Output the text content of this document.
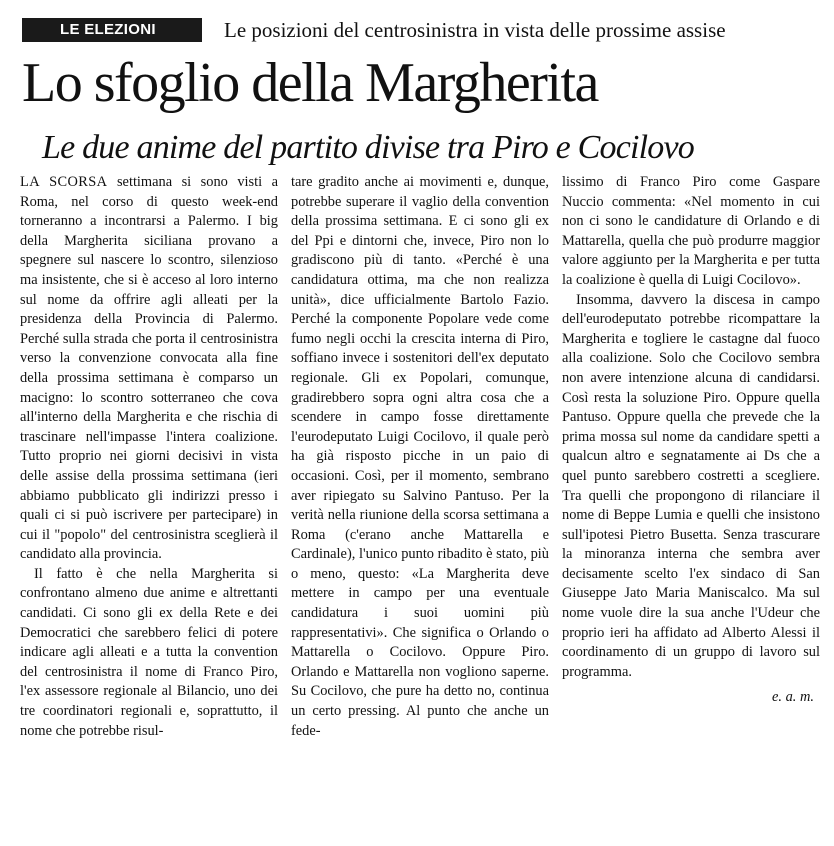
LE ELEZIONI	Le posizioni del centrosinistra in vista delle prossime assise
Lo sfoglio della Margherita
Le due anime del partito divise tra Piro e Cocilovo

LA SCORSA settimana si sono visti a Roma, nel corso di questo week-end torneranno a incontrarsi a Palermo. I big della Margherita siciliana provano a spegnere sul nascere lo scontro, silenzioso ma insistente, che si è acceso al loro interno sul nome da offrire agli alleati per la presidenza della Provincia di Palermo. Perché sulla strada che porta il centrosinistra verso la convenzione convocata alla fine della prossima settimana è comparso un macigno: lo scontro sotterraneo che cova all'interno della Margherita e che rischia di trascinare nell'impasse l'intera coalizione. Tutto proprio nei giorni decisivi in vista delle assise della prossima settimana (ieri abbiamo pubblicato gli indirizzi presso i quali ci si può iscrivere per partecipare) in cui il "popolo" del centrosinistra sceglierà il candidato alla provincia.

Il fatto è che nella Margherita si confrontano almeno due anime e altrettanti candidati. Ci sono gli ex della Rete e dei Democratici che sarebbero felici di potere indicare agli alleati e a tutta la convention del centrosinistra il nome di Franco Piro, l'ex assessore regionale al Bilancio, uno dei tre coordinatori regionali e, soprattutto, il nome che potrebbe risul-

tare gradito anche ai movimenti e, dunque, potrebbe superare il vaglio della convention della prossima settimana. E ci sono gli ex del Ppi e dintorni che, invece, Piro non lo gradiscono più di tanto. «Perché è una candidatura ottima, ma che non realizza unità», dice ufficialmente Bartolo Fazio. Perché la componente Popolare vede come fumo negli occhi la crescita interna di Piro, soffiano invece i sostenitori dell'ex deputato regionale. Gli ex Popolari, comunque, gradirebbero sopra ogni altra cosa che a scendere in campo fosse direttamente l'eurodeputato Luigi Cocilovo, il quale però ha già risposto picche in un paio di occasioni. Così, per il momento, sembrano aver ripiegato su Salvino Pantuso. Per la verità nella riunione della scorsa settimana a Roma (c'erano anche Mattarella e Cardinale), l'unico punto ribadito è stato, più o meno, questo: «La Margherita deve mettere in campo per una eventuale candidatura i suoi uomini più rappresentativi». Che significa o Orlando o Mattarella o Cocilovo. Oppure Piro. Orlando e Mattarella non vogliono saperne. Su Cocilovo, che pure ha detto no, continua un certo pressing. Al punto che anche un fede-

lissimo di Franco Piro come Gaspare Nuccio commenta: «Nel momento in cui non ci sono le candidature di Orlando e di Mattarella, quella che può produrre maggior valore aggiunto per la Margherita e per tutta la coalizione è quella di Luigi Cocilovo».

Insomma, davvero la discesa in campo dell'eurodeputato potrebbe ricompattare la Margherita e togliere le castagne dal fuoco alla coalizione. Solo che Cocilovo sembra non avere intenzione alcuna di candidarsi. Così resta la soluzione Piro. Oppure quella Pantuso. Oppure quella che prevede che la prima mossa sul nome da candidare spetti a qualcun altro e segnatamente ai Ds che a quel punto sarebbero costretti a scegliere. Tra quelli che propongono di rilanciare il nome di Beppe Lumia e quelli che insistono sull'ipotesi Pietro Busetta. Senza trascurare la minoranza interna che sembra aver decisamente scelto l'ex sindaco di San Giuseppe Jato Maria Maniscalco. Ma sul nome vuole dire la sua anche l'Udeur che proprio ieri ha affidato ad Alberto Alessi il coordinamento di un gruppo di lavoro sul programma.

e. a. m.
